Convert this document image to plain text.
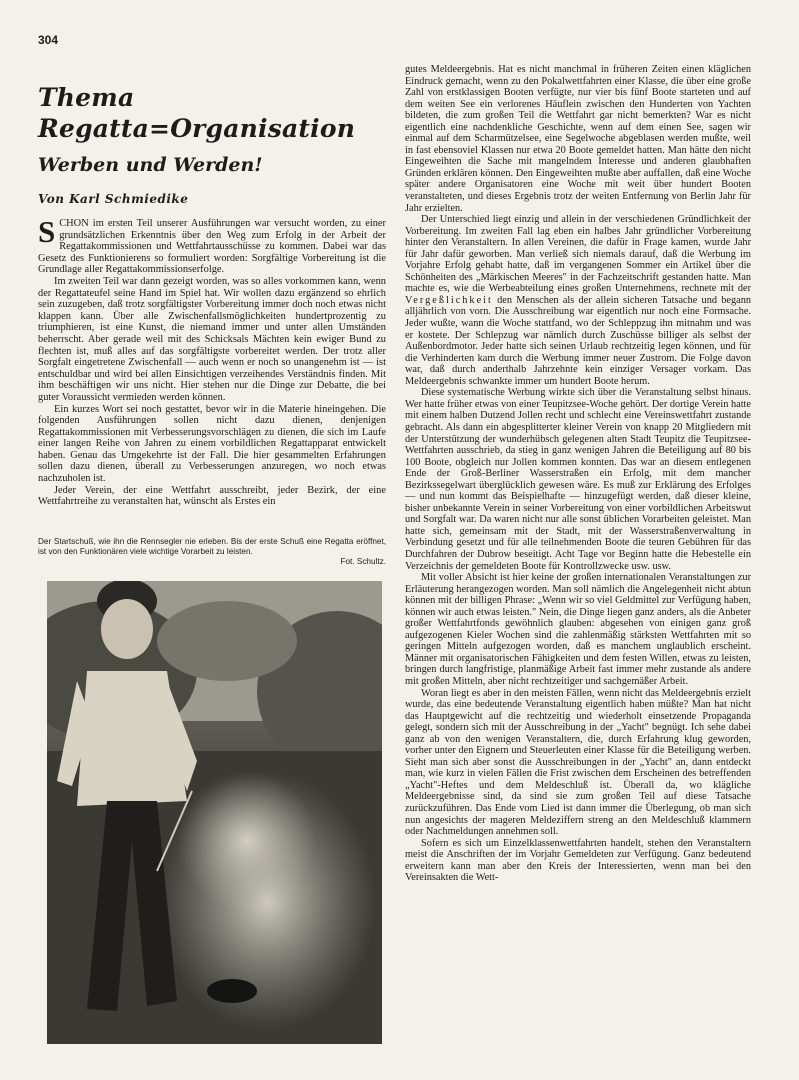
304
Thema Regatta=Organisation
Werben und Werden!
Von Karl Schmiedike

SCHON im ersten Teil unserer Ausführungen war versucht worden, zu einer grundsätzlichen Erkenntnis über den Weg zum Erfolg in der Arbeit der Regattakommissionen und Wettfahrtausschüsse zu kommen. Dabei war das Gesetz des Funktionierens so formuliert worden: Sorgfältige Vorbereitung ist die Grundlage aller Regattakommissionserfolge.

Im zweiten Teil war dann gezeigt worden, was so alles vorkommen kann, wenn der Regattateufel seine Hand im Spiel hat. Wir wollen dazu ergänzend so ehrlich sein zuzugeben, daß trotz sorgfältigster Vorbereitung immer doch noch etwas nicht klappen kann. Über alle Zwischenfallsmöglichkeiten hundertprozentig zu triumphieren, ist eine Kunst, die niemand immer und unter allen Umständen beherrscht. Aber gerade weil mit des Schicksals Mächten kein ewiger Bund zu flechten ist, muß alles auf das sorgfältigste vorbereitet werden. Der trotz aller Sorgfalt eingetretene Zwischenfall — auch wenn er noch so unangenehm ist — ist entschuldbar und wird bei allen Einsichtigen verzeihendes Verständnis finden. Mit ihm beschäftigen wir uns nicht. Hier stehen nur die Dinge zur Debatte, die bei guter Voraussicht vermieden werden können.

Ein kurzes Wort sei noch gestattet, bevor wir in die Materie hineingehen. Die folgenden Ausführungen sollen nicht dazu dienen, denjenigen Regattakommissionen mit Verbesserungsvorschlägen zu dienen, die sich im Laufe einer langen Reihe von Jahren zu einem vorbildlichen Regattapparat entwickelt haben. Genau das Umgekehrte ist der Fall. Die hier gesammelten Erfahrungen sollen dazu dienen, überall zu Verbesserungen anzuregen, wo noch etwas nachzuholen ist.

Jeder Verein, der eine Wettfahrt ausschreibt, jeder Bezirk, der eine Wettfahrtreihe zu veranstalten hat, wünscht als Erstes ein

Der Startschuß, wie ihn die Rennsegler nie erleben. Bis der erste Schuß eine Regatta eröffnet, ist von den Funktionären viele wichtige Vorarbeit zu leisten.
Fot. Schultz.

gutes Meldeergebnis. Hat es nicht manchmal in früheren Zeiten einen kläglichen Eindruck gemacht, wenn zu den Pokalwettfahrten einer Klasse, die über eine große Zahl von erstklassigen Booten verfügte, nur vier bis fünf Boote starteten und auf dem weiten See ein verlorenes Häuflein zwischen den Hunderten von Yachten bildeten, die zum großen Teil die Wettfahrt gar nicht bemerkten? War es nicht eigentlich eine nachdenkliche Geschichte, wenn auf dem einen See, sagen wir einmal auf dem Scharmützelsee, eine Segelwoche abgeblasen werden mußte, weil in fast ebensoviel Klassen nur etwa 20 Boote gemeldet hatten. Man hätte den nicht Eingeweihten die Sache mit mangelndem Interesse und anderen glaubhaften Gründen erklären können. Den Eingeweihten mußte aber auffallen, daß eine Woche später andere Organisatoren eine Woche mit weit über hundert Booten veranstalteten, und dieses Ergebnis trotz der weiten Entfernung von Berlin Jahr für Jahr erzielten.

Der Unterschied liegt einzig und allein in der verschiedenen Gründlichkeit der Vorbereitung. Im zweiten Fall lag eben ein halbes Jahr gründlicher Vorbereitung hinter den Veranstaltern. In allen Vereinen, die dafür in Frage kamen, wurde Jahr für Jahr dafür geworben. Man verließ sich niemals darauf, daß die Werbung im Vorjahre Erfolg gehabt hatte, daß im vergangenen Sommer ein Artikel über die Schönheiten des „Märkischen Meeres" in der Fachzeitschrift gestanden hatte. Man machte es, wie die Werbeabteilung eines großen Unternehmens, rechnete mit der Vergeßlichkeit den Menschen als der allein sicheren Tatsache und begann alljährlich von vorn. Die Ausschreibung war eigentlich nur noch eine Formsache. Jeder wußte, wann die Woche stattfand, wo der Schleppzug ihn mitnahm und was er kostete. Der Schlepzug war nämlich durch Zuschüsse billiger als selbst der Außenbordmotor. Jeder hatte sich seinen Urlaub rechtzeitig legen können, und für die Verhinderten kam durch die Werbung immer neuer Zustrom. Die Folge davon war, daß durch anderthalb Jahrzehnte kein einziger Versager vorkam. Das Meldeergebnis schwankte immer um hundert Boote herum.

Diese systematische Werbung wirkte sich über die Veranstaltung selbst hinaus. Wer hatte früher etwas von einer Teupitzsee-Woche gehört. Der dortige Verein hatte mit einem halben Dutzend Jollen recht und schlecht eine Vereinswettfahrt zustande gebracht. Als dann ein abgesplitterter kleiner Verein von knapp 20 Mitgliedern mit der Unterstützung der wunderhübsch gelegenen alten Stadt Teupitz die Teupitzsee-Wettfahrten ausschrieb, da stieg in ganz wenigen Jahren die Beteiligung auf 80 bis 100 Boote, obgleich nur Jollen kommen konnten. Das war an diesem entlegenen Ende der Groß-Berliner Wasserstraßen ein Erfolg, mit dem mancher Bezirkssegelwart überglücklich gewesen wäre. Es muß zur Erklärung des Erfolges — und nun kommt das Beispielhafte — hinzugefügt werden, daß dieser kleine, bisher unbekannte Verein in seiner Vorbereitung von einer vorbildlichen Arbeitswut und Sorgfalt war. Da waren nicht nur alle sonst üblichen Vorarbeiten geleistet. Man hatte sich, gemeinsam mit der Stadt, mit der Wasserstraßenverwaltung in Verbindung gesetzt und für alle teilnehmenden Boote die teuren Gebühren für das Durchfahren der Dubrow beseitigt. Acht Tage vor Beginn hatte die Hebestelle ein Verzeichnis der gemeldeten Boote für Kontrollzwecke usw. usw.

Mit voller Absicht ist hier keine der großen internationalen Veranstaltungen zur Erläuterung herangezogen worden. Man soll nämlich die Angelegenheit nicht abtun können mit der billigen Phrase: „Wenn wir so viel Geldmittel zur Verfügung haben, können wir auch etwas leisten." Nein, die Dinge liegen ganz anders, als die Anbeter großer Wettfahrtfonds gewöhnlich glauben: abgesehen von einigen ganz groß aufgezogenen Kieler Wochen sind die zahlenmäßig stärksten Wettfahrten mit so geringen Mitteln aufgezogen worden, daß es manchem unglaublich erscheint. Männer mit organisatorischen Fähigkeiten und dem festen Willen, etwas zu leisten, bringen durch langfristige, planmäßige Arbeit fast immer mehr zustande als andere mit großen Mitteln, aber nicht rechtzeitiger und sachgemäßer Arbeit.

Woran liegt es aber in den meisten Fällen, wenn nicht das Meldeergebnis erzielt wurde, das eine bedeutende Veranstaltung eigentlich haben müßte? Man hat nicht das Hauptgewicht auf die rechtzeitig und wiederholt einsetzende Propaganda gelegt, sondern sich mit der Ausschreibung in der „Yacht" begnügt. Ich sehe dabei ganz ab von den wenigen Veranstaltern, die, durch Erfahrung klug geworden, vorher unter den Eignern und Steuerleuten einer Klasse für die Beteiligung werben. Sieht man sich aber sonst die Ausschreibungen in der „Yacht" an, dann entdeckt man, wie kurz in vielen Fällen die Frist zwischen dem Erscheinen des betreffenden „Yacht"-Heftes und dem Meldeschluß ist. Überall da, wo klägliche Meldeergebnisse sind, da sind sie zum großen Teil auf diese Tatsache zurückzuführen. Das Ende vom Lied ist dann immer die Überlegung, ob man sich nun angesichts der mageren Meldeziffern streng an den Meldeschluß klammern oder Nachmeldungen annehmen soll.

Sofern es sich um Einzelklassenwettfahrten handelt, stehen den Veranstaltern meist die Anschriften der im Vorjahr Gemeldeten zur Verfügung. Ganz bedeutend erweitern kann man aber den Kreis der Interessierten, wenn man bei den Vereinsakten die Wett-
